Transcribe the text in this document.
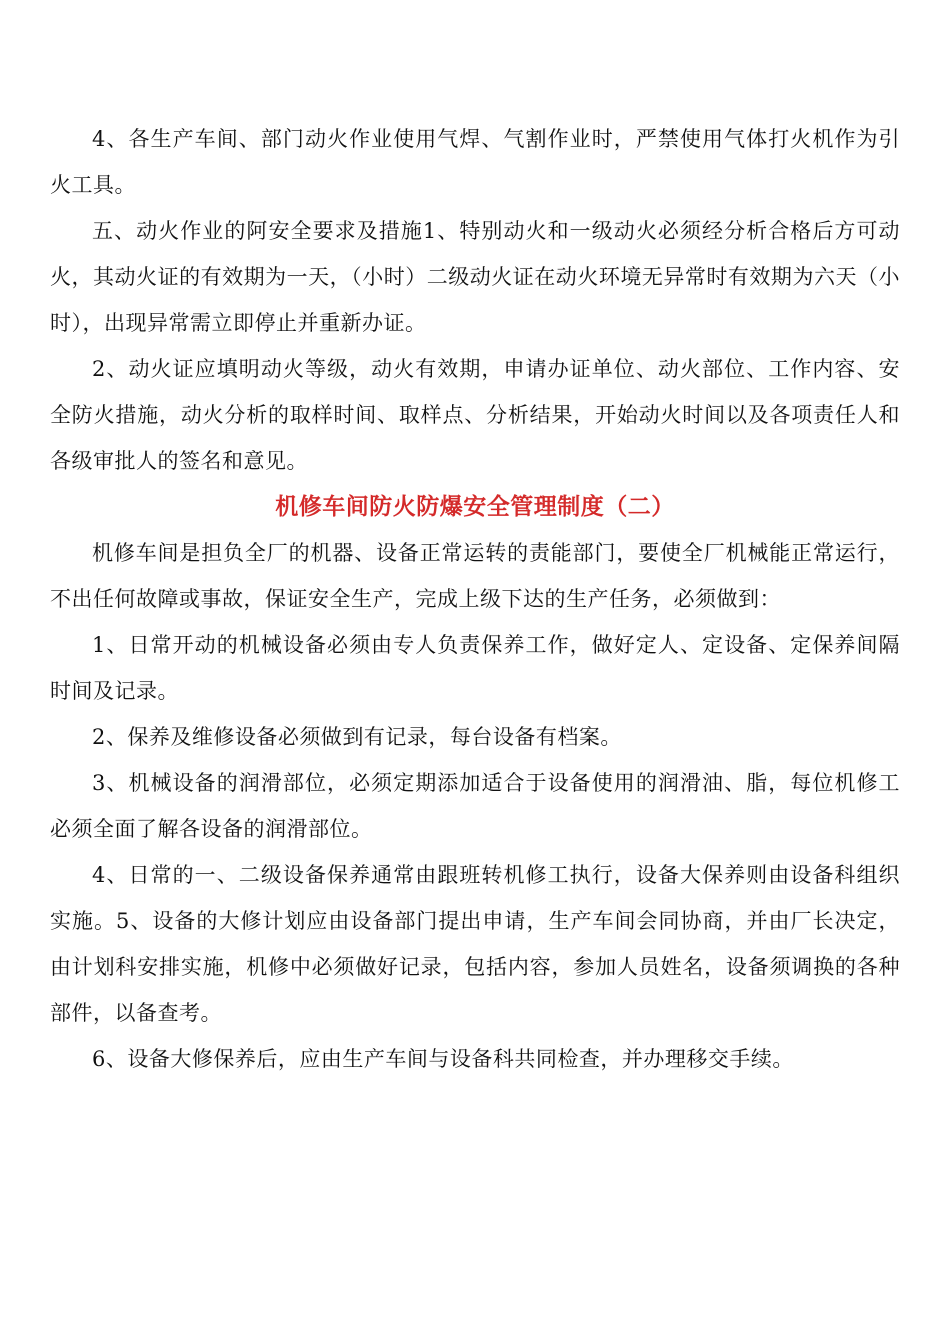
4、各生产车间、部门动火作业使用气焊、气割作业时，严禁使用气体打火机作为引火工具。

五、动火作业的阿安全要求及措施1、特别动火和一级动火必须经分析合格后方可动火，其动火证的有效期为一天，（小时）二级动火证在动火环境无异常时有效期为六天（小时），出现异常需立即停止并重新办证。

2、动火证应填明动火等级，动火有效期，申请办证单位、动火部位、工作内容、安全防火措施，动火分析的取样时间、取样点、分析结果，开始动火时间以及各项责任人和各级审批人的签名和意见。

机修车间防火防爆安全管理制度（二）

机修车间是担负全厂的机器、设备正常运转的责能部门，要使全厂机械能正常运行，不出任何故障或事故，保证安全生产，完成上级下达的生产任务，必须做到：

1、日常开动的机械设备必须由专人负责保养工作，做好定人、定设备、定保养间隔时间及记录。

2、保养及维修设备必须做到有记录，每台设备有档案。

3、机械设备的润滑部位，必须定期添加适合于设备使用的润滑油、脂，每位机修工必须全面了解各设备的润滑部位。

4、日常的一、二级设备保养通常由跟班转机修工执行，设备大保养则由设备科组织实施。5、设备的大修计划应由设备部门提出申请，生产车间会同协商，并由厂长决定，由计划科安排实施，机修中必须做好记录，包括内容，参加人员姓名，设备须调换的各种部件，以备查考。

6、设备大修保养后，应由生产车间与设备科共同检查，并办理移交手续。
